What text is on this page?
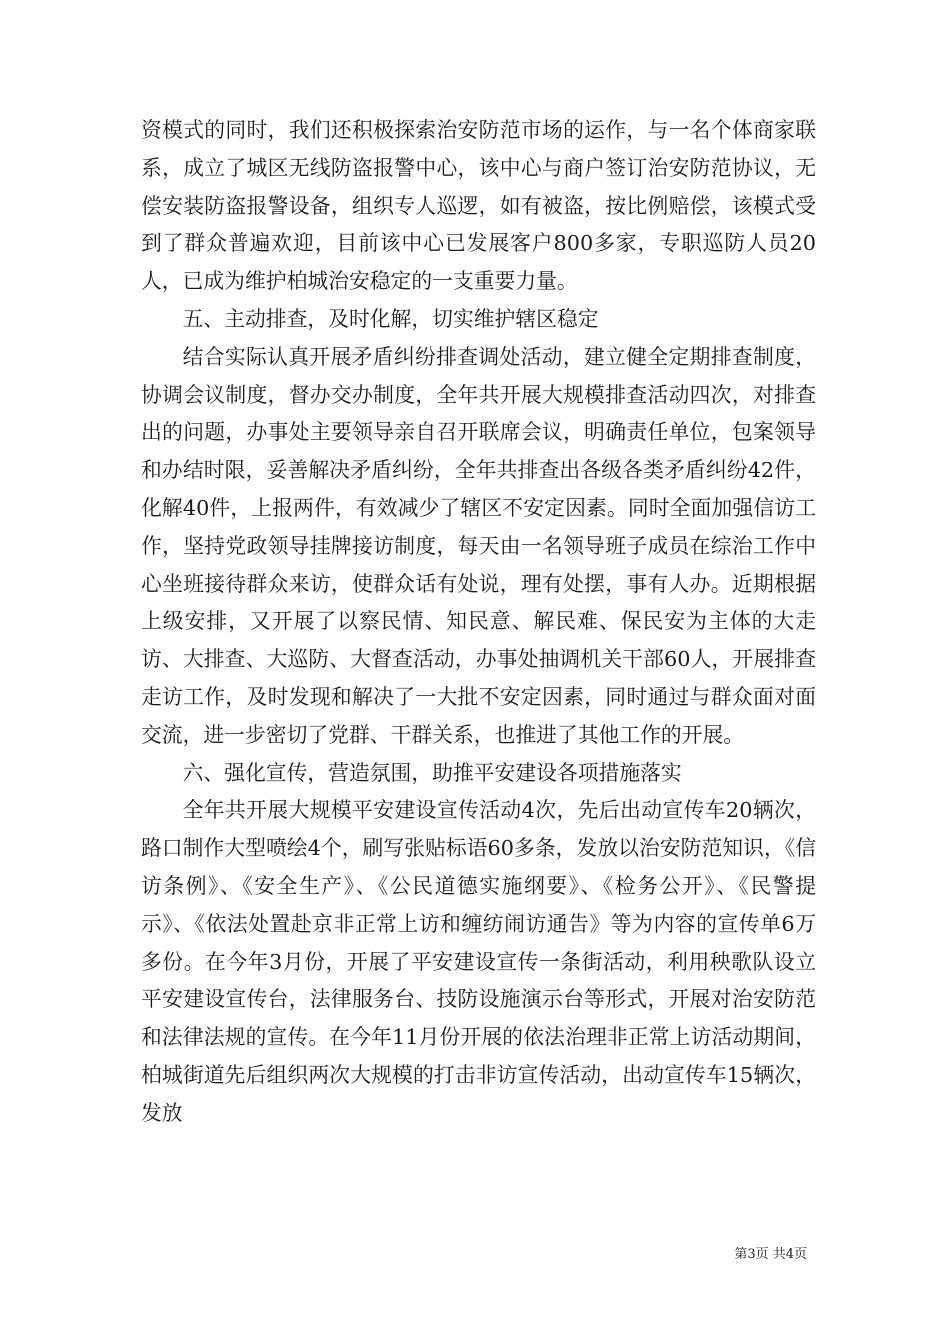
资模式的同时，我们还积极探索治安防范市场的运作，与一名个体商家联系，成立了城区无线防盗报警中心，该中心与商户签订治安防范协议，无偿安装防盗报警设备，组织专人巡逻，如有被盗，按比例赔偿，该模式受到了群众普遍欢迎，目前该中心已发展客户800多家，专职巡防人员20人，已成为维护柏城治安稳定的一支重要力量。

五、主动排查，及时化解，切实维护辖区稳定

结合实际认真开展矛盾纠纷排查调处活动，建立健全定期排查制度，协调会议制度，督办交办制度，全年共开展大规模排查活动四次，对排查出的问题，办事处主要领导亲自召开联席会议，明确责任单位，包案领导和办结时限，妥善解决矛盾纠纷，全年共排查出各级各类矛盾纠纷42件，化解40件，上报两件，有效减少了辖区不安定因素。同时全面加强信访工作，坚持党政领导挂牌接访制度，每天由一名领导班子成员在综治工作中心坐班接待群众来访，使群众话有处说，理有处摆，事有人办。近期根据上级安排，又开展了以察民情、知民意、解民难、保民安为主体的大走访、大排查、大巡防、大督查活动，办事处抽调机关干部60人，开展排查走访工作，及时发现和解决了一大批不安定因素，同时通过与群众面对面交流，进一步密切了党群、干群关系，也推进了其他工作的开展。

六、强化宣传，营造氛围，助推平安建设各项措施落实

全年共开展大规模平安建设宣传活动4次，先后出动宣传车20辆次，路口制作大型喷绘4个，刷写张贴标语60多条，发放以治安防范知识，《信访条例》、《安全生产》、《公民道德实施纲要》、《检务公开》、《民警提示》、《依法处置赴京非正常上访和缠纺闹访通告》等为内容的宣传单6万多份。在今年3月份，开展了平安建设宣传一条街活动，利用秧歌队设立平安建设宣传台，法律服务台、技防设施演示台等形式，开展对治安防范和法律法规的宣传。在今年11月份开展的依法治理非正常上访活动期间，柏城街道先后组织两次大规模的打击非访宣传活动，出动宣传车15辆次，发放

第3页 共4页
